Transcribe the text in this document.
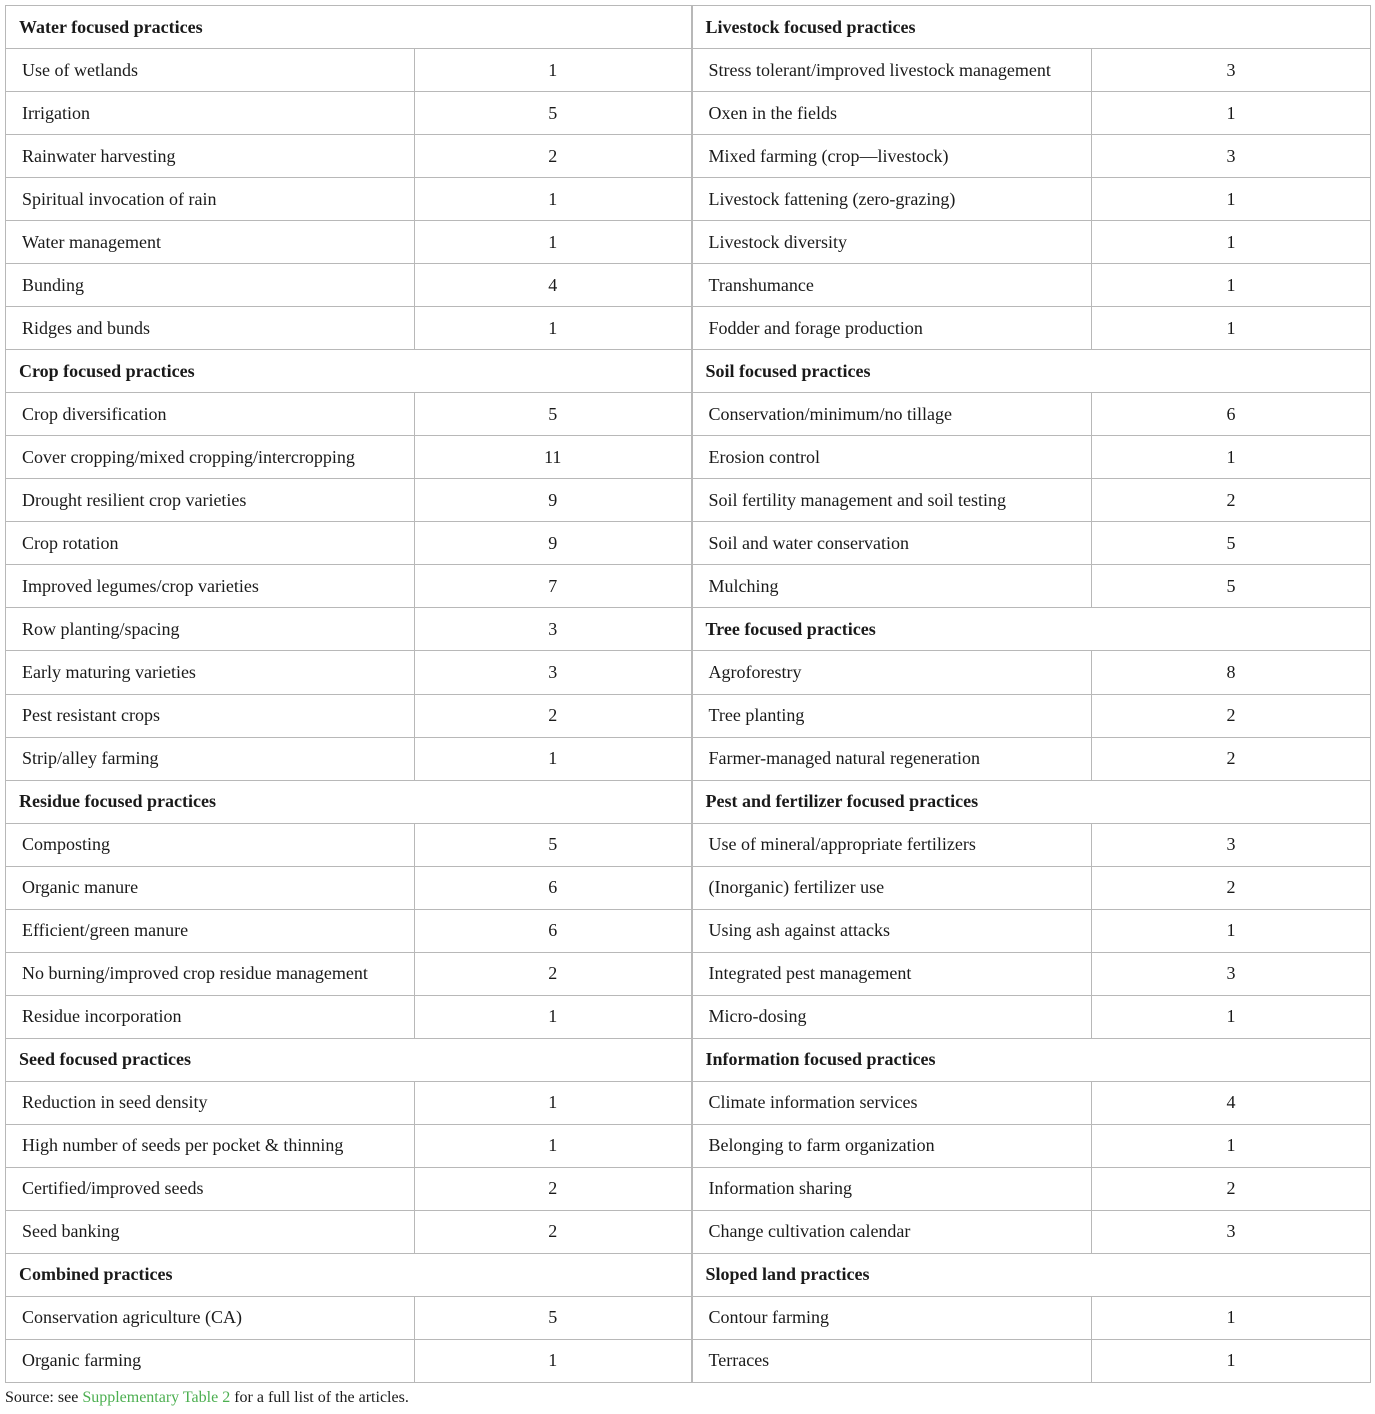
Water focused practices		Livestock focused practices	
Use of wetlands	1	Stress tolerant/improved livestock management	3
Irrigation	5	Oxen in the fields	1
Rainwater harvesting	2	Mixed farming (crop—livestock)	3
Spiritual invocation of rain	1	Livestock fattening (zero-grazing)	1
Water management	1	Livestock diversity	1
Bunding	4	Transhumance	1
Ridges and bunds	1	Fodder and forage production	1
Crop focused practices		Soil focused practices	
Crop diversification	5	Conservation/minimum/no tillage	6
Cover cropping/mixed cropping/intercropping	11	Erosion control	1
Drought resilient crop varieties	9	Soil fertility management and soil testing	2
Crop rotation	9	Soil and water conservation	5
Improved legumes/crop varieties	7	Mulching	5
Row planting/spacing	3	Tree focused practices	
Early maturing varieties	3	Agroforestry	8
Pest resistant crops	2	Tree planting	2
Strip/alley farming	1	Farmer-managed natural regeneration	2
Residue focused practices		Pest and fertilizer focused practices	
Composting	5	Use of mineral/appropriate fertilizers	3
Organic manure	6	(Inorganic) fertilizer use	2
Efficient/green manure	6	Using ash against attacks	1
No burning/improved crop residue management	2	Integrated pest management	3
Residue incorporation	1	Micro-dosing	1
Seed focused practices		Information focused practices	
Reduction in seed density	1	Climate information services	4
High number of seeds per pocket & thinning	1	Belonging to farm organization	1
Certified/improved seeds	2	Information sharing	2
Seed banking	2	Change cultivation calendar	3
Combined practices		Sloped land practices	
Conservation agriculture (CA)	5	Contour farming	1
Organic farming	1	Terraces	1
Source: see Supplementary Table 2 for a full list of the articles.
